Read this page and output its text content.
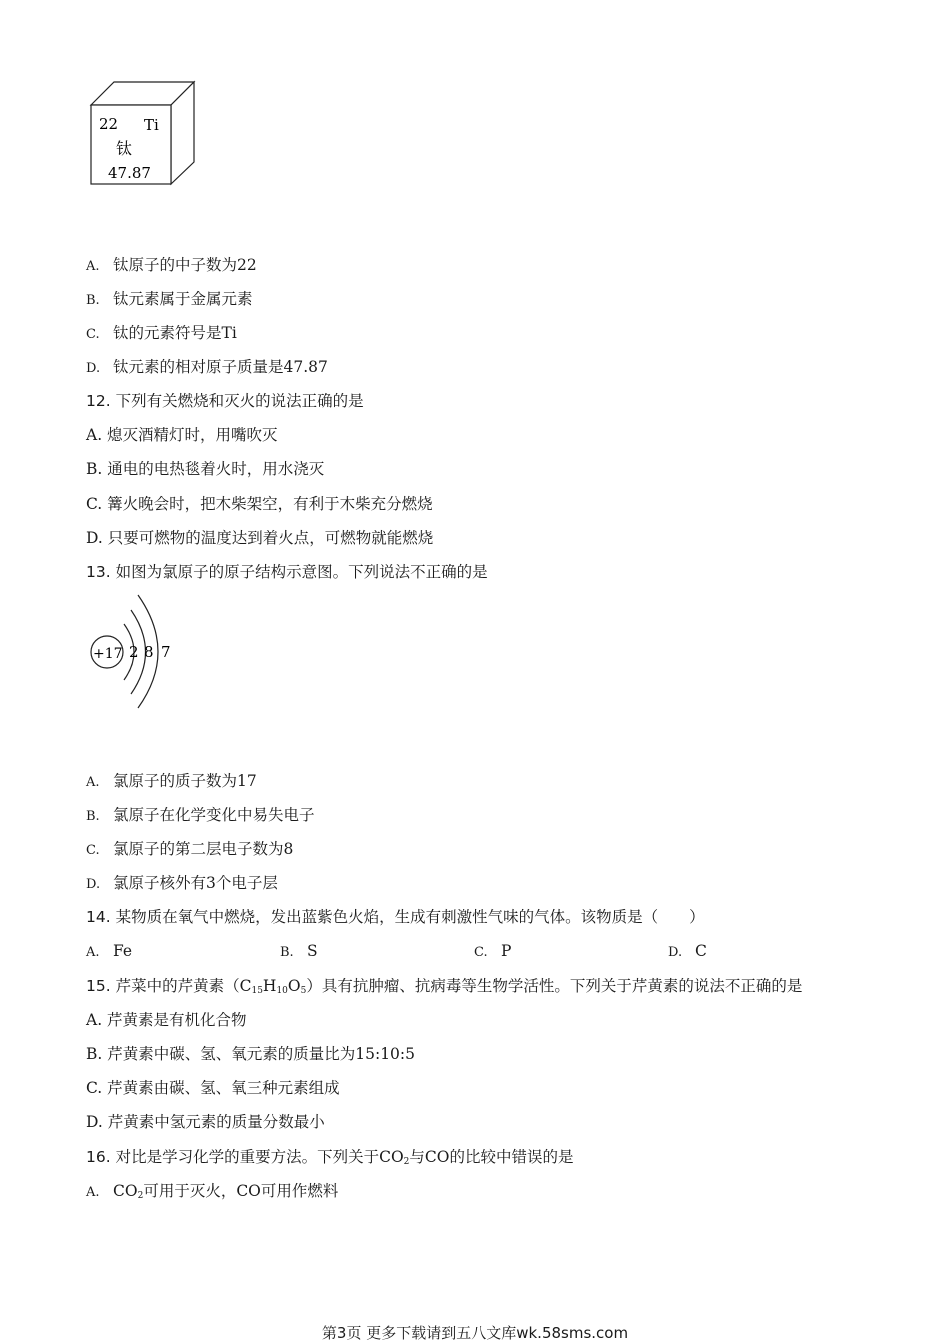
22 Ti
钛
47.87
A. 钛原子的中子数为22
B. 钛元素属于金属元素
C. 钛的元素符号是Ti
D. 钛元素的相对原子质量是47.87
12. 下列有关燃烧和灭火的说法正确的是
A. 熄灭酒精灯时，用嘴吹灭
B. 通电的电热毯着火时，用水浇灭
C. 篝火晚会时，把木柴架空，有利于木柴充分燃烧
D. 只要可燃物的温度达到着火点，可燃物就能燃烧
13. 如图为氯原子的原子结构示意图。下列说法不正确的是
+17 2 8 7
A. 氯原子的质子数为17
B. 氯原子在化学变化中易失电子
C. 氯原子的第二层电子数为8
D. 氯原子核外有3个电子层
14. 某物质在氧气中燃烧，发出蓝紫色火焰，生成有刺激性气味的气体。该物质是（　　）
A. Fe	B. S	C. P	D. C
15. 芹菜中的芹黄素$(C_{15}H_{10}O_5)$具有抗肿瘤、抗病毒等生物学活性。下列关于芹黄素的说法不正确的是
A. 芹黄素是有机化合物
B. 芹黄素中碳、氢、氧元素的质量比为15:10:5
C. 芹黄素由碳、氢、氧三种元素组成
D. 芹黄素中氢元素的质量分数最小
16. 对比是学习化学的重要方法。下列关于$CO_2$与CO的比较中错误的是
A. $CO_2$可用于灭火，CO可用作燃料
第3页 更多下载请到五八文库wk.58sms.com
